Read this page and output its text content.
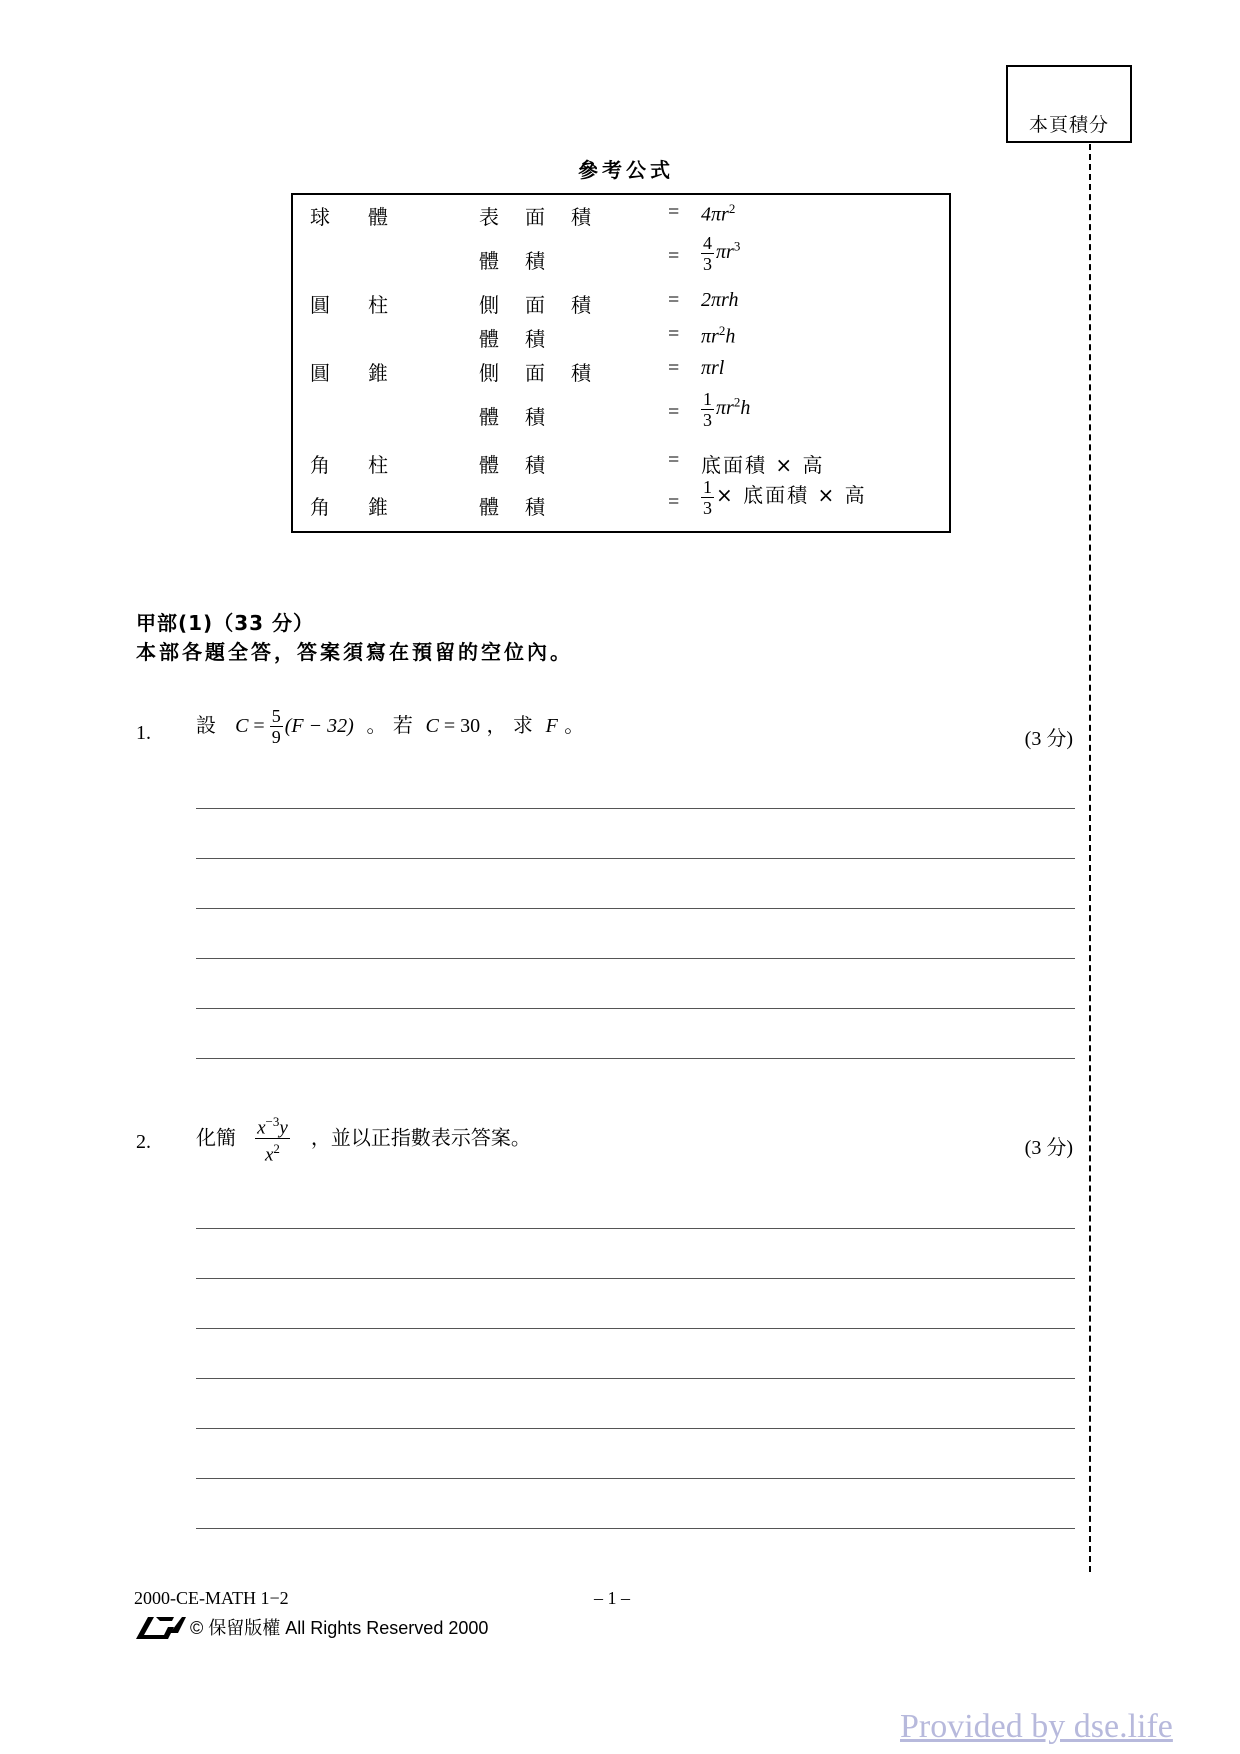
本頁積分
參考公式
球體	表面積	= $4\pi r^2$
體積	= $\frac{4}{3} \pi r^3$
圓柱	側面積	= 2πrh
體積	= $\pi r^2h$
圓錐	側面積	= πrl
體積	= $\frac{1}{3} \pi r^2h$
角柱	體積	= 底面積 × 高
角錐	體積	= $\frac{1}{3}$ × 底面積 × 高
甲部(1)（33 分）
本部各題全答，答案須寫在預留的空位內。
1. 設 $C = \frac{5}{9} (F - 32)$ 。 若 C = 30 ， 求 F 。
(3 分)
2. 化簡 $\frac{x^{-3}y}{x^2}$ ，並以正指數表示答案。	(3 分)
2000-CE-MATH 1−2	– 1 –
© 保留版權 All Rights Reserved 2000
Provided by dse.life
